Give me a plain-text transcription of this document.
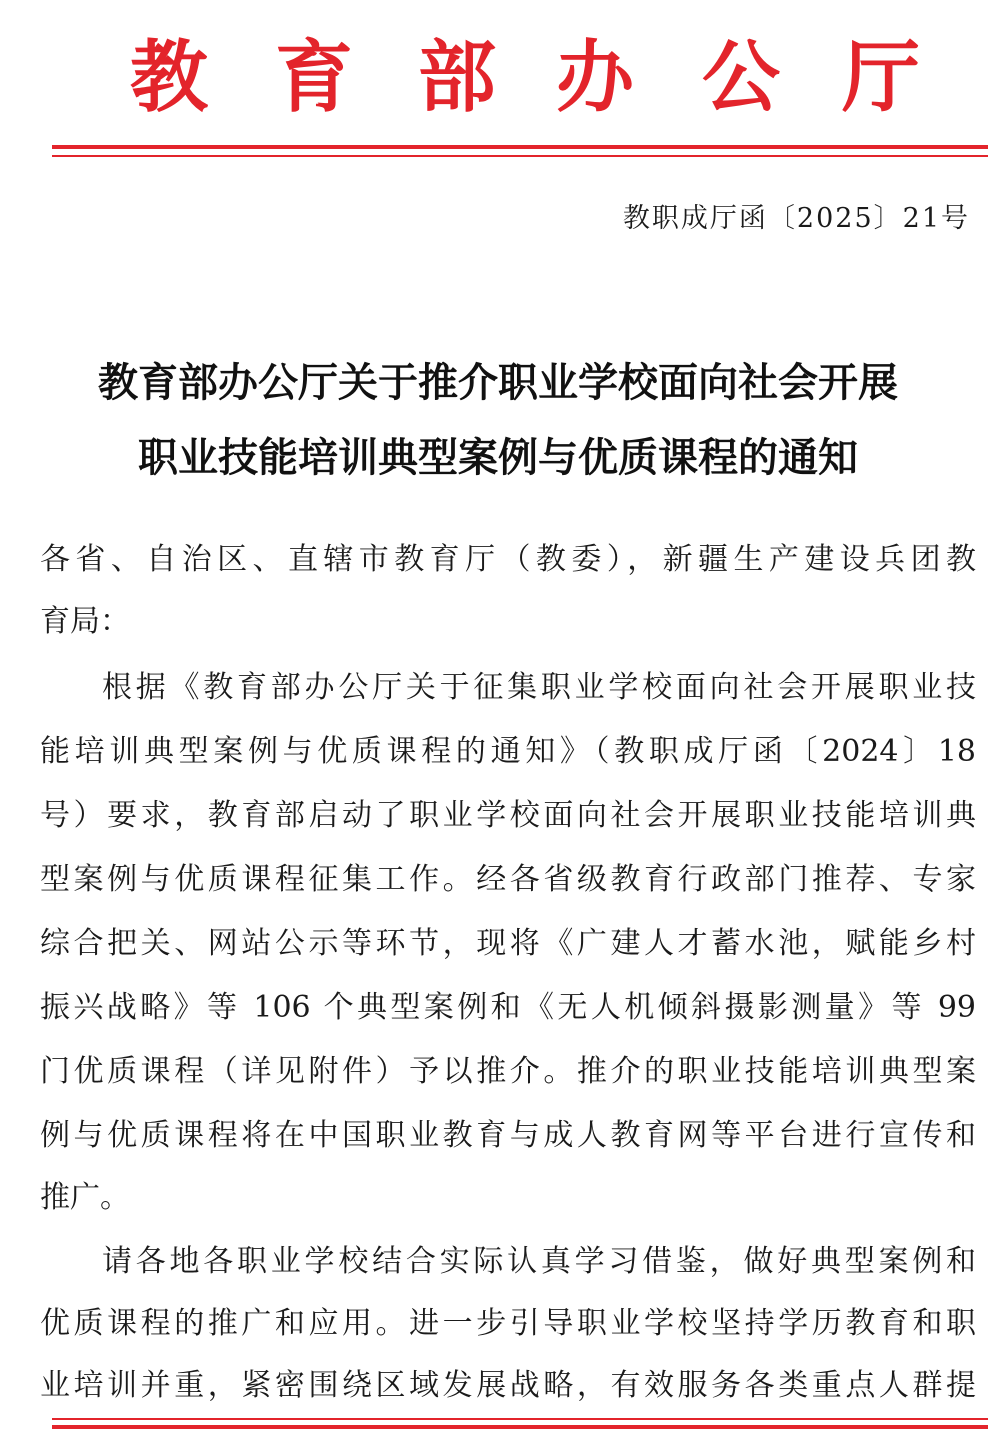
教 育 部 办 公 厅
教职成厅函〔2025〕21号
教育部办公厅关于推介职业学校面向社会开展
职业技能培训典型案例与优质课程的通知
各省、自治区、直辖市教育厅（教委），新疆生产建设兵团教
育局：
根据《教育部办公厅关于征集职业学校面向社会开展职业技
能培训典型案例与优质课程的通知》（教职成厅函〔2024〕18
号）要求，教育部启动了职业学校面向社会开展职业技能培训典
型案例与优质课程征集工作。经各省级教育行政部门推荐、专家
综合把关、网站公示等环节，现将《广建人才蓄水池，赋能乡村
振兴战略》等 106 个典型案例和《无人机倾斜摄影测量》等 99
门优质课程（详见附件）予以推介。推介的职业技能培训典型案
例与优质课程将在中国职业教育与成人教育网等平台进行宣传和
推广。
请各地各职业学校结合实际认真学习借鉴，做好典型案例和
优质课程的推广和应用。进一步引导职业学校坚持学历教育和职
业培训并重，紧密围绕区域发展战略，有效服务各类重点人群提
